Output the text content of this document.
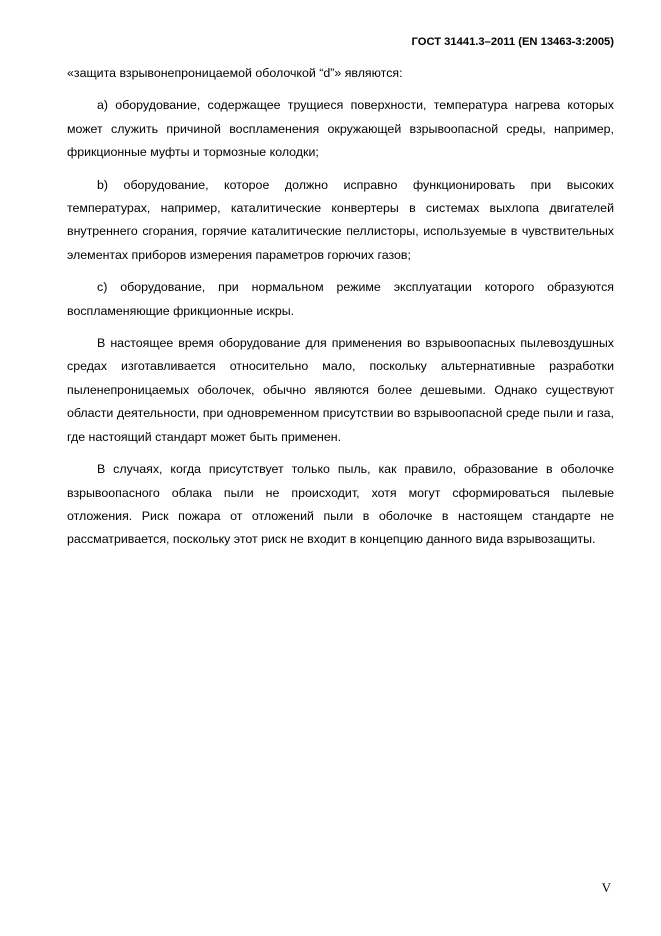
ГОСТ 31441.3–2011 (EN 13463-3:2005)

«защита взрывонепроницаемой оболочкой “d”» являются:

a) оборудование, содержащее трущиеся поверхности, температура нагрева которых может служить причиной воспламенения окружающей взрывоопасной среды, например, фрикционные муфты и тормозные колодки;

b) оборудование, которое должно исправно функционировать при высоких температурах, например, каталитические конвертеры в системах выхлопа двигателей внутреннего сгорания, горячие каталитические пеллисторы, используемые в чувствительных элементах приборов измерения параметров горючих газов;

c) оборудование, при нормальном режиме эксплуатации которого образуются воспламеняющие фрикционные искры.

В настоящее время оборудование для применения во взрывоопасных пылевоздушных средах изготавливается относительно мало, поскольку альтернативные разработки пыленепроницаемых оболочек, обычно являются более дешевыми. Однако существуют области деятельности, при одновременном присутствии во взрывоопасной среде пыли и газа, где настоящий стандарт может быть применен.

В случаях, когда присутствует только пыль, как правило, образование в оболочке взрывоопасного облака пыли не происходит, хотя могут сформироваться пылевые отложения. Риск пожара от отложений пыли в оболочке в настоящем стандарте не рассматривается, поскольку этот риск не входит в концепцию данного вида взрывозащиты.

V
